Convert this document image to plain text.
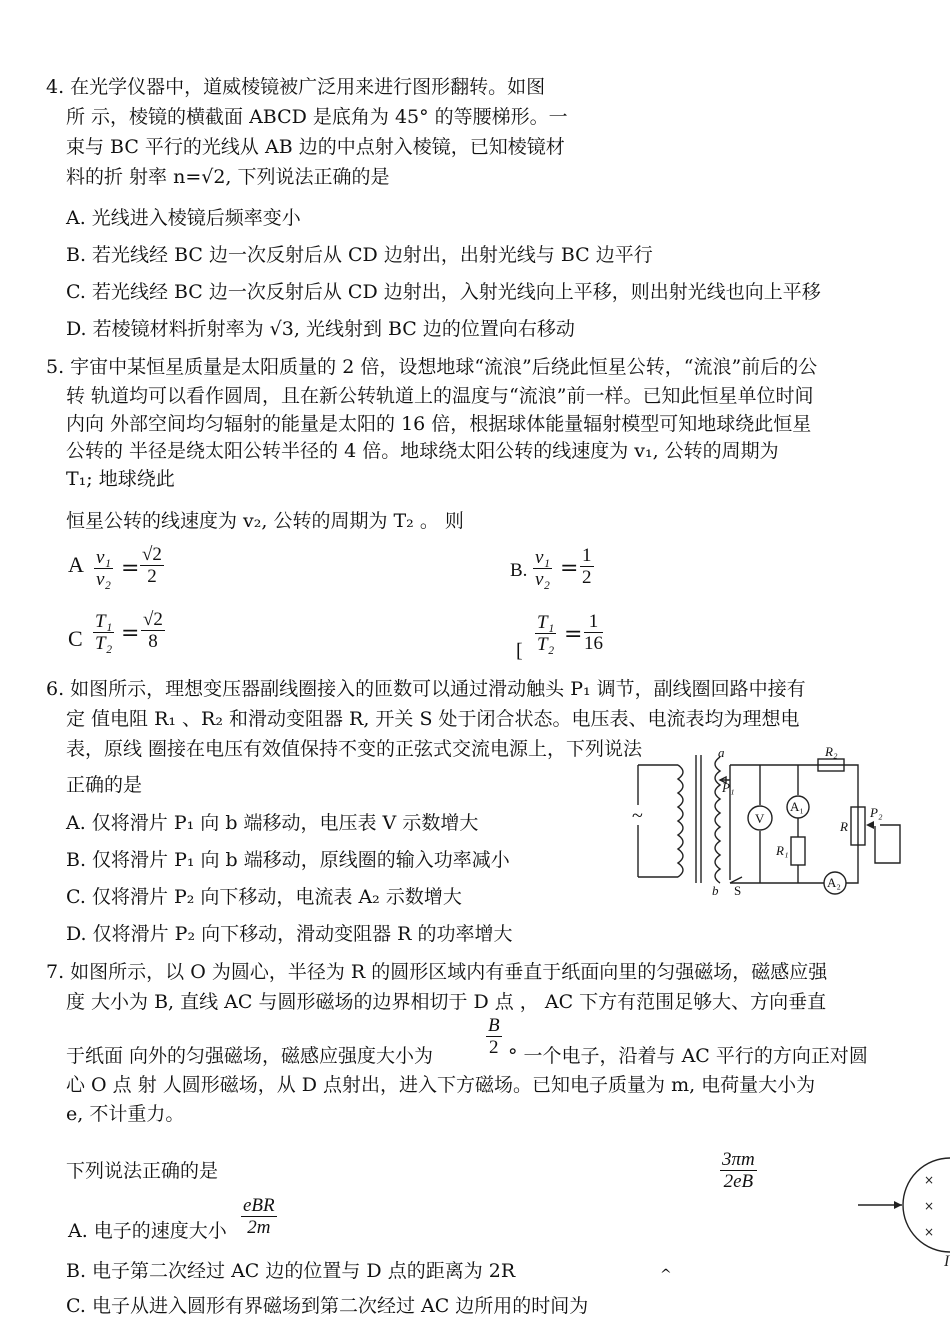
4. 在光学仪器中，道威棱镜被广泛用来进行图形翻转。如图
所 示，棱镜的横截面 ABCD 是底角为 45° 的等腰梯形。一
束与 BC 平行的光线从 AB 边的中点射入棱镜，已知棱镜材
料的折 射率 n=√2, 下列说法正确的是
A. 光线进入棱镜后频率变小
B. 若光线经 BC 边一次反射后从 CD 边射出，出射光线与 BC 边平行
C. 若光线经 BC 边一次反射后从 CD 边射出，入射光线向上平移，则出射光线也向上平移
D. 若棱镜材料折射率为 √3, 光线射到 BC 边的位置向右移动
5. 宇宙中某恒星质量是太阳质量的 2 倍，设想地球“流浪”后绕此恒星公转，“流浪”前后的公
转 轨道均可以看作圆周，且在新公转轨道上的温度与“流浪”前一样。已知此恒星单位时间
内向 外部空间均匀辐射的能量是太阳的 16 倍，根据球体能量辐射模型可知地球绕此恒星
公转的 半径是绕太阳公转半径的 4 倍。地球绕太阳公转的线速度为 v₁, 公转的周期为
T₁; 地球绕此
恒星公转的线速度为 v₂, 公转的周期为 T₂ 。 则
A $\frac{\text{v₁}}{\text{v₂}} = \frac{√2}{2}$	B. $\frac{\text{v₁}}{\text{v₂}} = \frac{1}{2}$
C $\frac{\text{T₁}}{\text{T₂}} = \frac{√2}{8}$	[ $\frac{\text{T₁}}{\text{T₂}} = \frac{1}{16}$
6. 如图所示，理想变压器副线圈接入的匝数可以通过滑动触头 P₁ 调节，副线圈回路中接有
定 值电阻 R₁ 、R₂ 和滑动变阻器 R, 开关 S 处于闭合状态。电压表、电流表均为理想电
表，原线 圈接在电压有效值保持不变的正弦式交流电源上，下列说法
正确的是
A. 仅将滑片 P₁ 向 b 端移动，电压表 V 示数增大
B. 仅将滑片 P₁ 向 b 端移动，原线圈的输入功率减小
C. 仅将滑片 P₂ 向下移动，电流表 A₂ 示数增大
D. 仅将滑片 P₂ 向下移动，滑动变阻器 R 的功率增大
~
a
b S
P₁
V
A₁
R₁
R₂
R
P₂
A₂
7. 如图所示，以 O 为圆心，半径为 R 的圆形区域内有垂直于纸面向里的匀强磁场，磁感应强
度 大小为 B, 直线 AC 与圆形磁场的边界相切于 D 点 ， AC 下方有范围足够大、方向垂直
$\frac{B}{2}$
于纸面 向外的匀强磁场，磁感应强度大小为	° 一个电子，沿着与 AC 平行的方向正对圆
心 O 点 射 人圆形磁场，从 D 点射出，进入下方磁场。已知电子质量为 m, 电荷量大小为
e, 不计重力。
$\frac{3\pi m}{2eB}$
下列说法正确的是
A. 电子的速度大小
eBR
2m
B. 电子第二次经过 AC 边的位置与 D 点的距离为 2R	^
C. 电子从进入圆形有界磁场到第二次经过 AC 边所用的时间为
×
×
×
I
